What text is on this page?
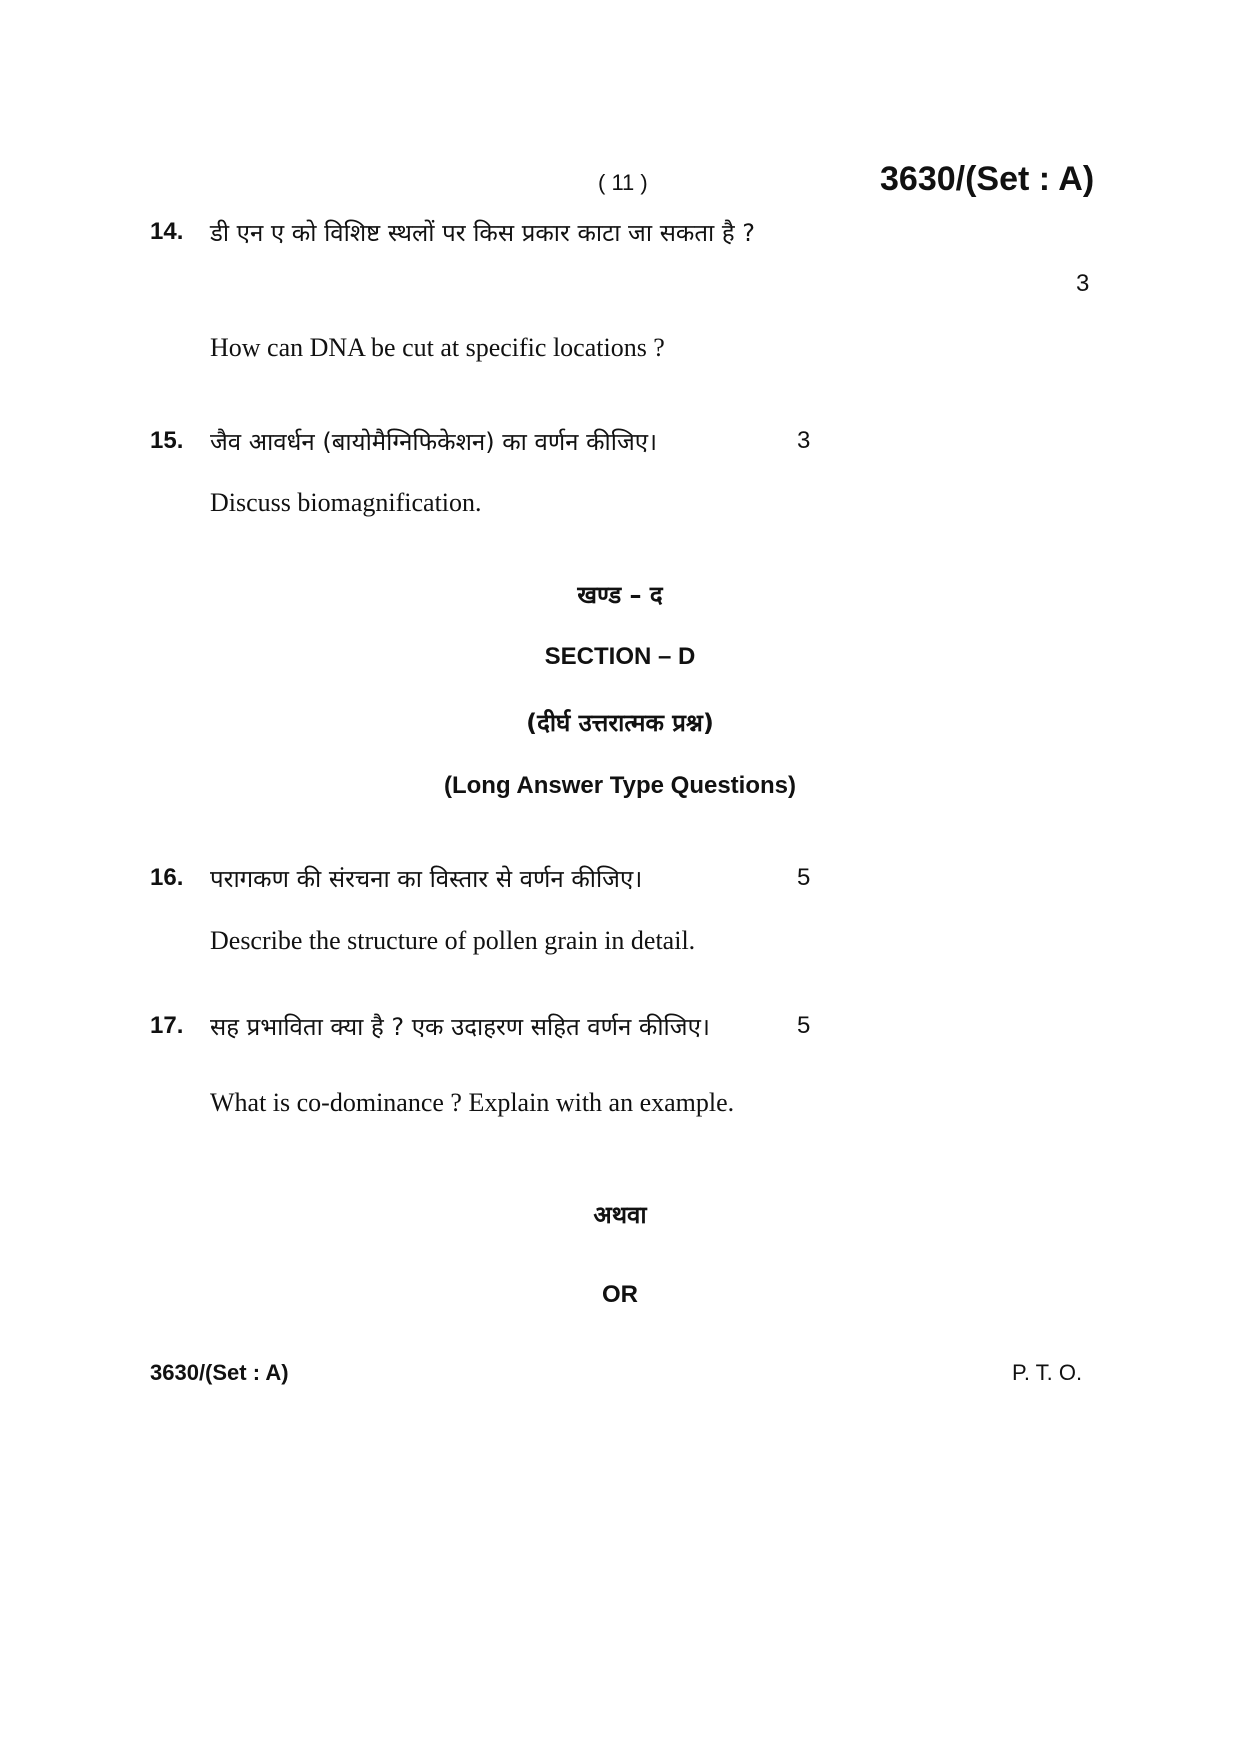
( 11 )	3630/(Set : A)
14. डी एन ए को विशिष्ट स्थलों पर किस प्रकार काटा जा सकता है ?
3
How can DNA be cut at specific locations ?
15. जैव आवर्धन (बायोमैग्निफिकेशन) का वर्णन कीजिए।	3
Discuss biomagnification.
खण्ड – द
SECTION – D
(दीर्घ उत्तरात्मक प्रश्न)
(Long Answer Type Questions)
16. परागकण की संरचना का विस्तार से वर्णन कीजिए।	5
Describe the structure of pollen grain in detail.
17. सह प्रभाविता क्या है ? एक उदाहरण सहित वर्णन कीजिए।	5
What is co-dominance ? Explain with an example.
अथवा
OR
3630/(Set : A)	P. T. O.
